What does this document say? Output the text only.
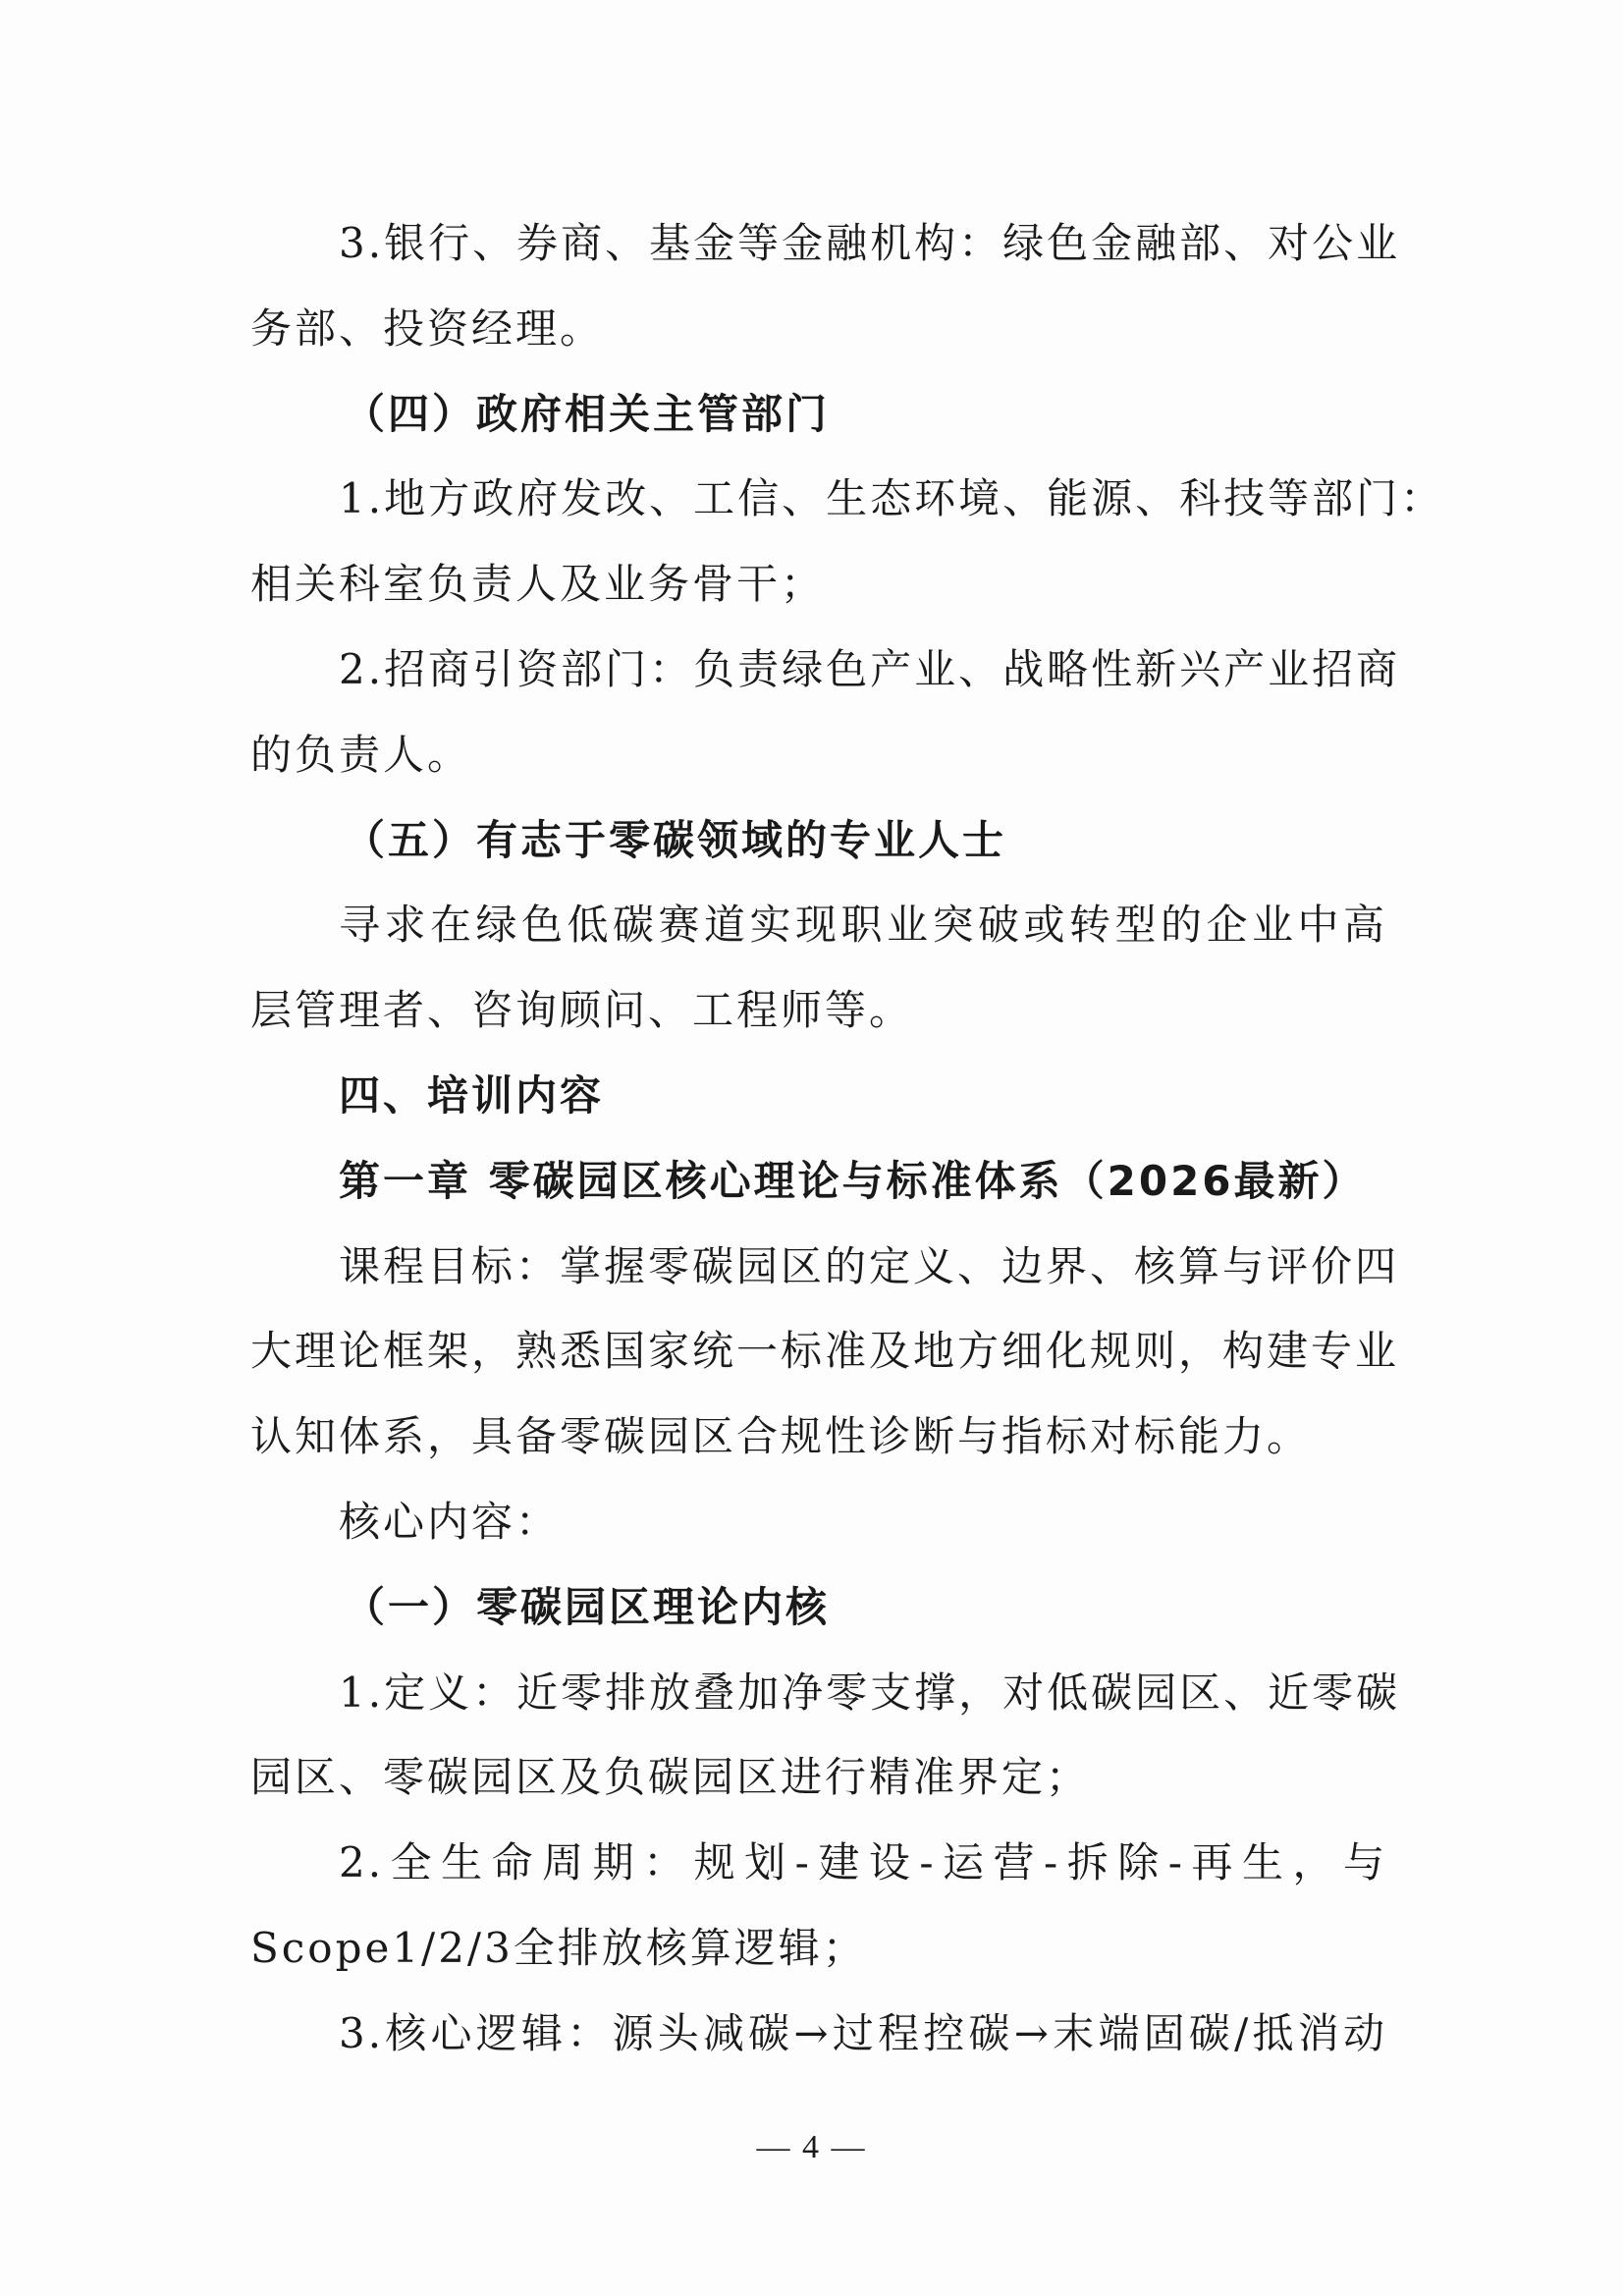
3.银行、券商、基金等金融机构：绿色金融部、对公业
务部、投资经理。
（四）政府相关主管部门
1.地方政府发改、工信、生态环境、能源、科技等部门：
相关科室负责人及业务骨干；
2.招商引资部门：负责绿色产业、战略性新兴产业招商
的负责人。
（五）有志于零碳领域的专业人士
寻求在绿色低碳赛道实现职业突破或转型的企业中高
层管理者、咨询顾问、工程师等。
四、培训内容
第一章 零碳园区核心理论与标准体系（2026最新）
课程目标：掌握零碳园区的定义、边界、核算与评价四
大理论框架，熟悉国家统一标准及地方细化规则，构建专业
认知体系，具备零碳园区合规性诊断与指标对标能力。
核心内容：
（一）零碳园区理论内核
1.定义：近零排放叠加净零支撑，对低碳园区、近零碳
园区、零碳园区及负碳园区进行精准界定；
2.全生命周期：规划-建设-运营-拆除-再生，与
Scope1/2/3全排放核算逻辑；
3.核心逻辑：源头减碳→过程控碳→末端固碳/抵消动
— 4 —
